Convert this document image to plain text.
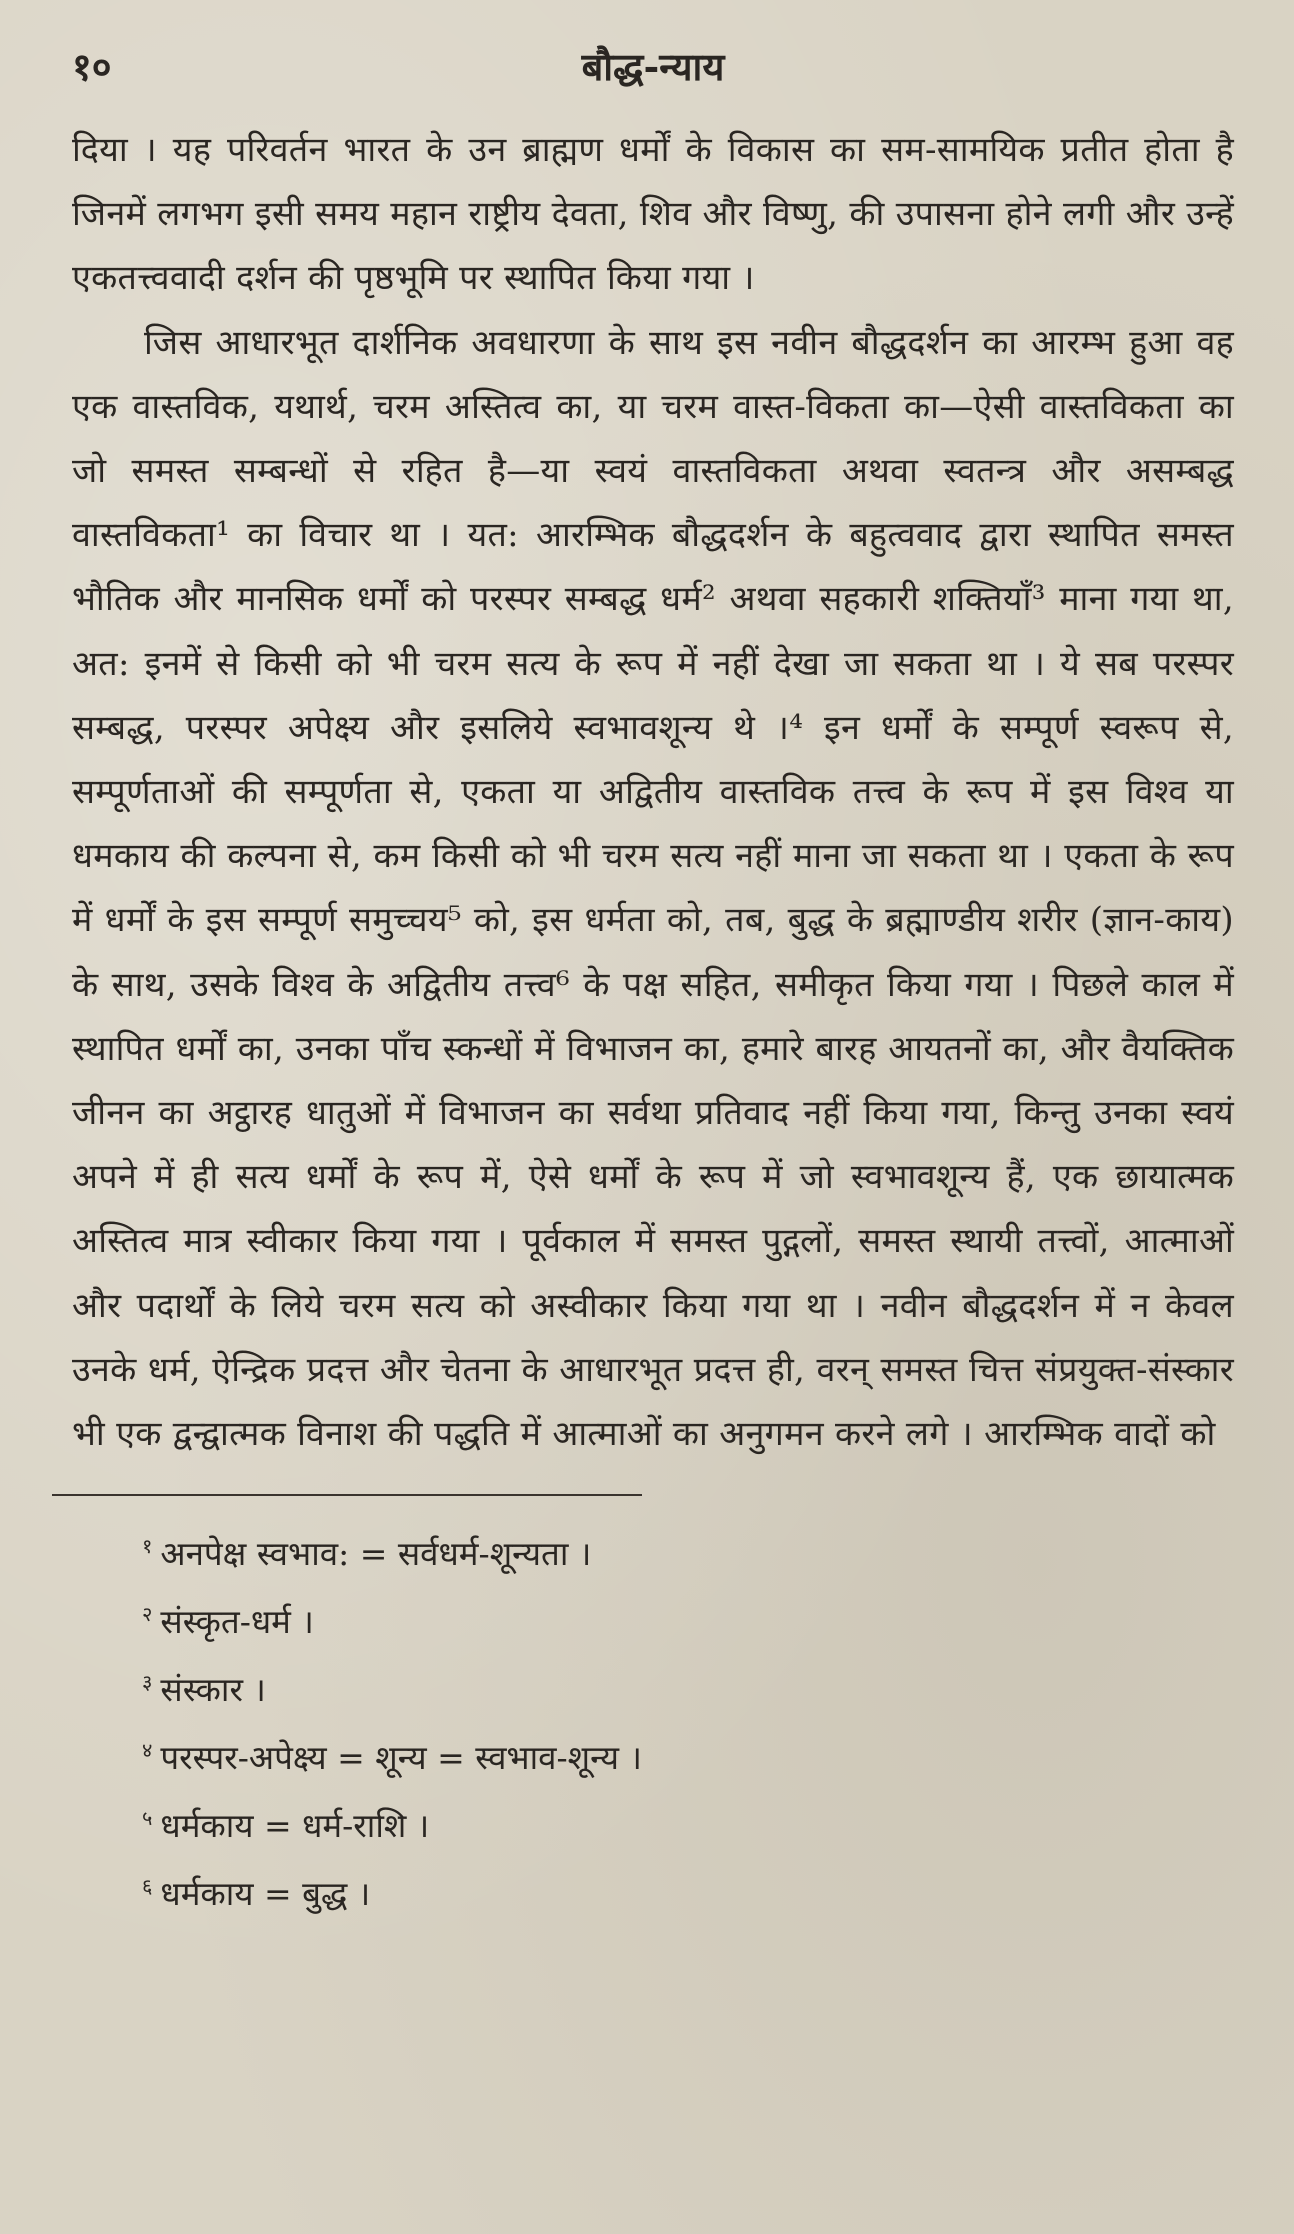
१०	बौद्ध-न्याय

दिया । यह परिवर्तन भारत के उन ब्राह्मण धर्मों के विकास का सम-सामयिक प्रतीत होता है जिनमें लगभग इसी समय महान राष्ट्रीय देवता, शिव और विष्णु, की उपासना होने लगी और उन्हें एकतत्त्ववादी दर्शन की पृष्ठभूमि पर स्थापित किया गया ।

जिस आधारभूत दार्शनिक अवधारणा के साथ इस नवीन बौद्धदर्शन का आरम्भ हुआ वह एक वास्तविक, यथार्थ, चरम अस्तित्व का, या चरम वास्त-विकता का—ऐसी वास्तविकता का जो समस्त सम्बन्धों से रहित है—या स्वयं वास्तविकता अथवा स्वतन्त्र और असम्बद्ध वास्तविकता¹ का विचार था । यत: आरम्भिक बौद्धदर्शन के बहुत्ववाद द्वारा स्थापित समस्त भौतिक और मानसिक धर्मों को परस्पर सम्बद्ध धर्म² अथवा सहकारी शक्तियाँ³ माना गया था, अत: इनमें से किसी को भी चरम सत्य के रूप में नहीं देखा जा सकता था । ये सब परस्पर सम्बद्ध, परस्पर अपेक्ष्य और इसलिये स्वभावशून्य थे ।⁴ इन धर्मों के सम्पूर्ण स्वरूप से, सम्पूर्णताओं की सम्पूर्णता से, एकता या अद्वितीय वास्तविक तत्त्व के रूप में इस विश्व या धमकाय की कल्पना से, कम किसी को भी चरम सत्य नहीं माना जा सकता था । एकता के रूप में धर्मों के इस सम्पूर्ण समुच्चय⁵ को, इस धर्मता को, तब, बुद्ध के ब्रह्माण्डीय शरीर (ज्ञान-काय) के साथ, उसके विश्व के अद्वितीय तत्त्व⁶ के पक्ष सहित, समीकृत किया गया । पिछले काल में स्थापित धर्मों का, उनका पाँच स्कन्धों में विभाजन का, हमारे बारह आयतनों का, और वैयक्तिक जीनन का अट्ठारह धातुओं में विभाजन का सर्वथा प्रतिवाद नहीं किया गया, किन्तु उनका स्वयं अपने में ही सत्य धर्मों के रूप में, ऐसे धर्मों के रूप में जो स्वभावशून्य हैं, एक छायात्मक अस्तित्व मात्र स्वीकार किया गया । पूर्वकाल में समस्त पुद्गलों, समस्त स्थायी तत्त्वों, आत्माओं और पदार्थों के लिये चरम सत्य को अस्वीकार किया गया था । नवीन बौद्धदर्शन में न केवल उनके धर्म, ऐन्द्रिक प्रदत्त और चेतना के आधारभूत प्रदत्त ही, वरन् समस्त चित्त संप्रयुक्त-संस्कार भी एक द्वन्द्वात्मक विनाश की पद्धति में आत्माओं का अनुगमन करने लगे । आरम्भिक वादों को

$^१$ अनपेक्ष स्वभाव: = सर्वधर्म-शून्यता ।

$^२$ संस्कृत-धर्म ।

$^३$ संस्कार ।

$^४$ परस्पर-अपेक्ष्य = शून्य = स्वभाव-शून्य ।

$^५$ धर्मकाय = धर्म-राशि ।

$^६$ धर्मकाय = बुद्ध ।
